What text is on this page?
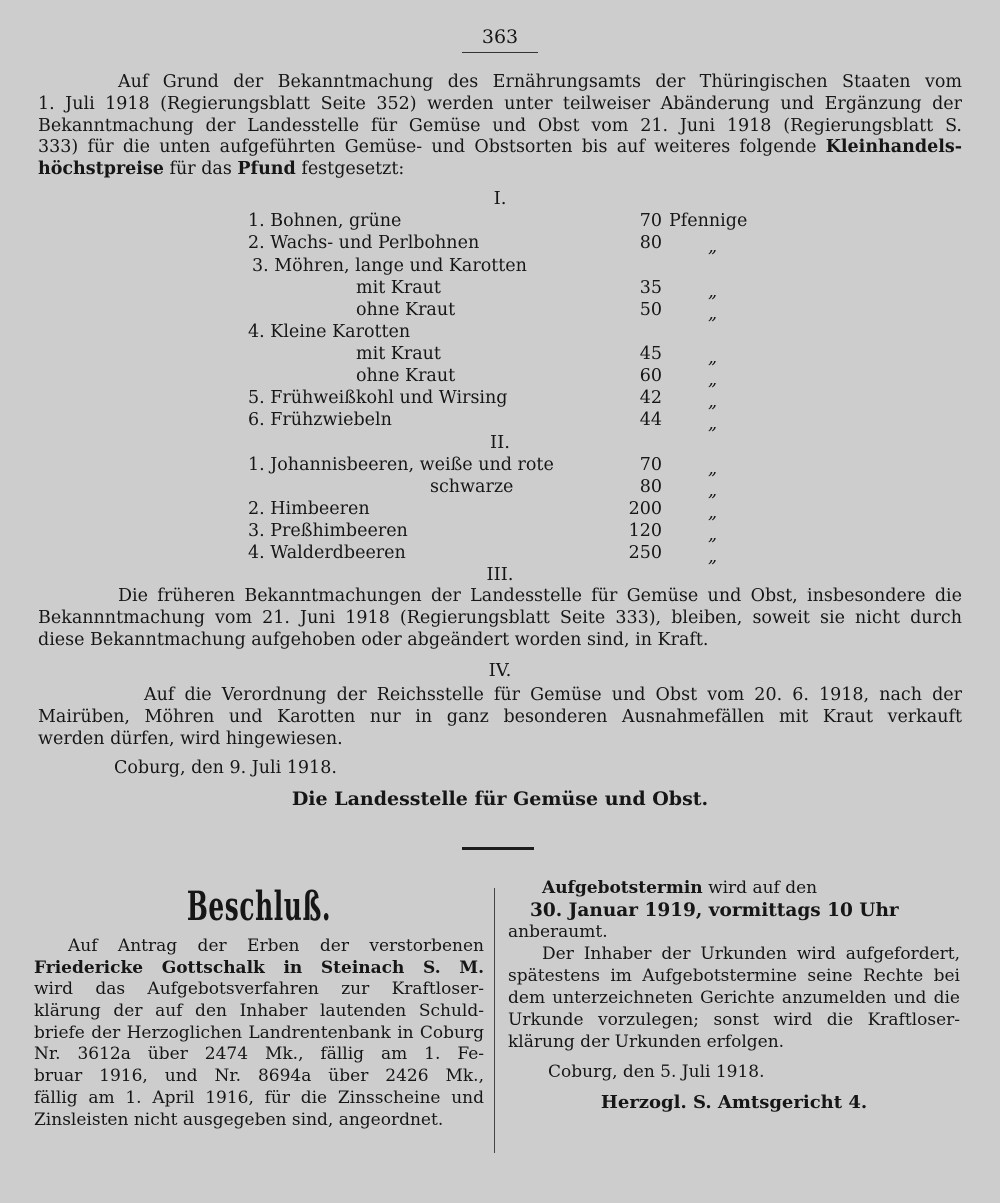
363
Auf Grund der Bekanntmachung des Ernährungsamts der Thüringischen Staaten vom
1. Juli 1918 (Regierungsblatt Seite 352) werden unter teilweiser Abänderung und Ergänzung der
Bekanntmachung der Landesstelle für Gemüse und Obst vom 21. Juni 1918 (Regierungsblatt S.
333) für die unten aufgeführten Gemüse- und Obstsorten bis auf weiteres folgende Kleinhandels-
höchstpreise für das Pfund festgesetzt:
I.
1. Bohnen, grüne	70 Pfennige
2. Wachs- und Perlbohnen	80	„
3. Möhren, lange und Karotten
mit Kraut	35	„
ohne Kraut	50	„
4. Kleine Karotten
mit Kraut	45	„
ohne Kraut	60	„
5. Frühweißkohl und Wirsing	42	„
6. Frühzwiebeln	44	„
II.
1. Johannisbeeren, weiße und rote	70	„
schwarze	80	„
2. Himbeeren	200	„
3. Preßhimbeeren	120	„
4. Walderdbeeren	250	„
III.
Die früheren Bekanntmachungen der Landesstelle für Gemüse und Obst, insbesondere die
Bekannntmachung vom 21. Juni 1918 (Regierungsblatt Seite 333), bleiben, soweit sie nicht durch
diese Bekanntmachung aufgehoben oder abgeändert worden sind, in Kraft.
IV.
Auf die Verordnung der Reichsstelle für Gemüse und Obst vom 20. 6. 1918, nach der
Mairüben, Möhren und Karotten nur in ganz besonderen Ausnahmefällen mit Kraut verkauft
werden dürfen, wird hingewiesen.
Coburg, den 9. Juli 1918.
Die Landesstelle für Gemüse und Obst.
Beschluß.
Auf Antrag der Erben der verstorbenen
Friedericke Gottschalk in Steinach S. M.
wird das Aufgebotsverfahren zur Kraftloser-
klärung der auf den Inhaber lautenden Schuld-
briefe der Herzoglichen Landrentenbank in Coburg
Nr. 3612a über 2474 Mk., fällig am 1. Fe-
bruar 1916, und Nr. 8694a über 2426 Mk.,
fällig am 1. April 1916, für die Zinsscheine und
Zinsleisten nicht ausgegeben sind, angeordnet.
Aufgebotstermin wird auf den
30. Januar 1919, vormittags 10 Uhr
anberaumt.
Der Inhaber der Urkunden wird aufgefordert,
spätestens im Aufgebotstermine seine Rechte bei
dem unterzeichneten Gerichte anzumelden und die
Urkunde vorzulegen; sonst wird die Kraftloser-
klärung der Urkunden erfolgen.
Coburg, den 5. Juli 1918.
Herzogl. S. Amtsgericht 4.
